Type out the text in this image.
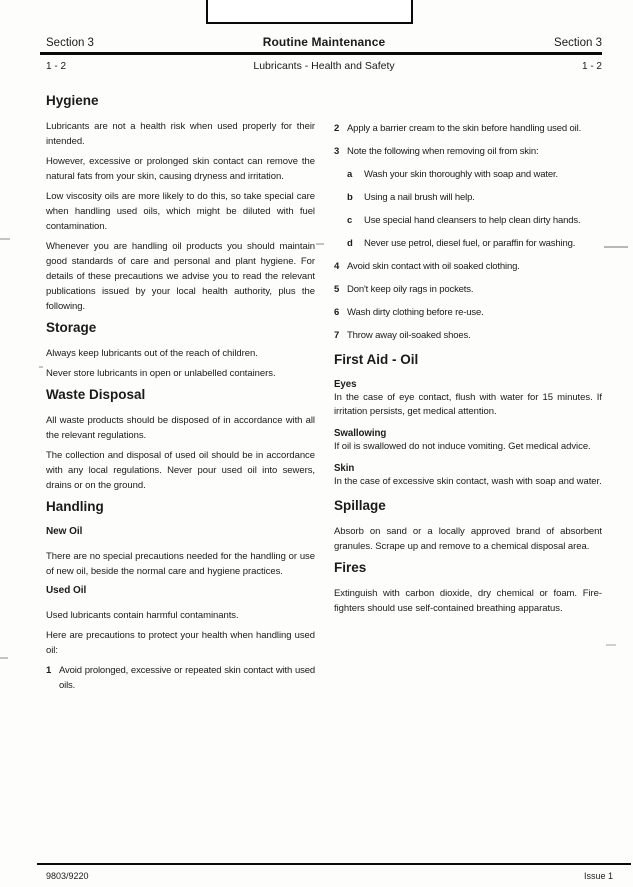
Section 3	Routine Maintenance	Section 3
1 - 2	Lubricants - Health and Safety	1 - 2
Hygiene
Lubricants are not a health risk when used properly for their intended.
However, excessive or prolonged skin contact can remove the natural fats from your skin, causing dryness and irritation.
Low viscosity oils are more likely to do this, so take special care when handling used oils, which might be diluted with fuel contamination.
Whenever you are handling oil products you should maintain good standards of care and personal and plant hygiene. For details of these precautions we advise you to read the relevant publications issued by your local health authority, plus the following.
Storage
Always keep lubricants out of the reach of children.
Never store lubricants in open or unlabelled containers.
Waste Disposal
All waste products should be disposed of in accordance with all the relevant regulations.
The collection and disposal of used oil should be in accordance with any local regulations. Never pour used oil into sewers, drains or on the ground.
Handling
New Oil
There are no special precautions needed for the handling or use of new oil, beside the normal care and hygiene practices.
Used Oil
Used lubricants contain harmful contaminants.
Here are precautions to protect your health when handling used oil:
1 Avoid prolonged, excessive or repeated skin contact with used oils.
2 Apply a barrier cream to the skin before handling used oil.
3 Note the following when removing oil from skin:
a	Wash your skin thoroughly with soap and water.
b	Using a nail brush will help.
c	Use special hand cleansers to help clean dirty hands.
d	Never use petrol, diesel fuel, or paraffin for washing.
4 Avoid skin contact with oil soaked clothing.
5 Don't keep oily rags in pockets.
6 Wash dirty clothing before re-use.
7 Throw away oil-soaked shoes.
First Aid - Oil
Eyes
In the case of eye contact, flush with water for 15 minutes. If irritation persists, get medical attention.
Swallowing
If oil is swallowed do not induce vomiting. Get medical advice.
Skin
In the case of excessive skin contact, wash with soap and water.
Spillage
Absorb on sand or a locally approved brand of absorbent granules. Scrape up and remove to a chemical disposal area.
Fires
Extinguish with carbon dioxide, dry chemical or foam. Fire-fighters should use self-contained breathing apparatus.
9803/9220	Issue 1
